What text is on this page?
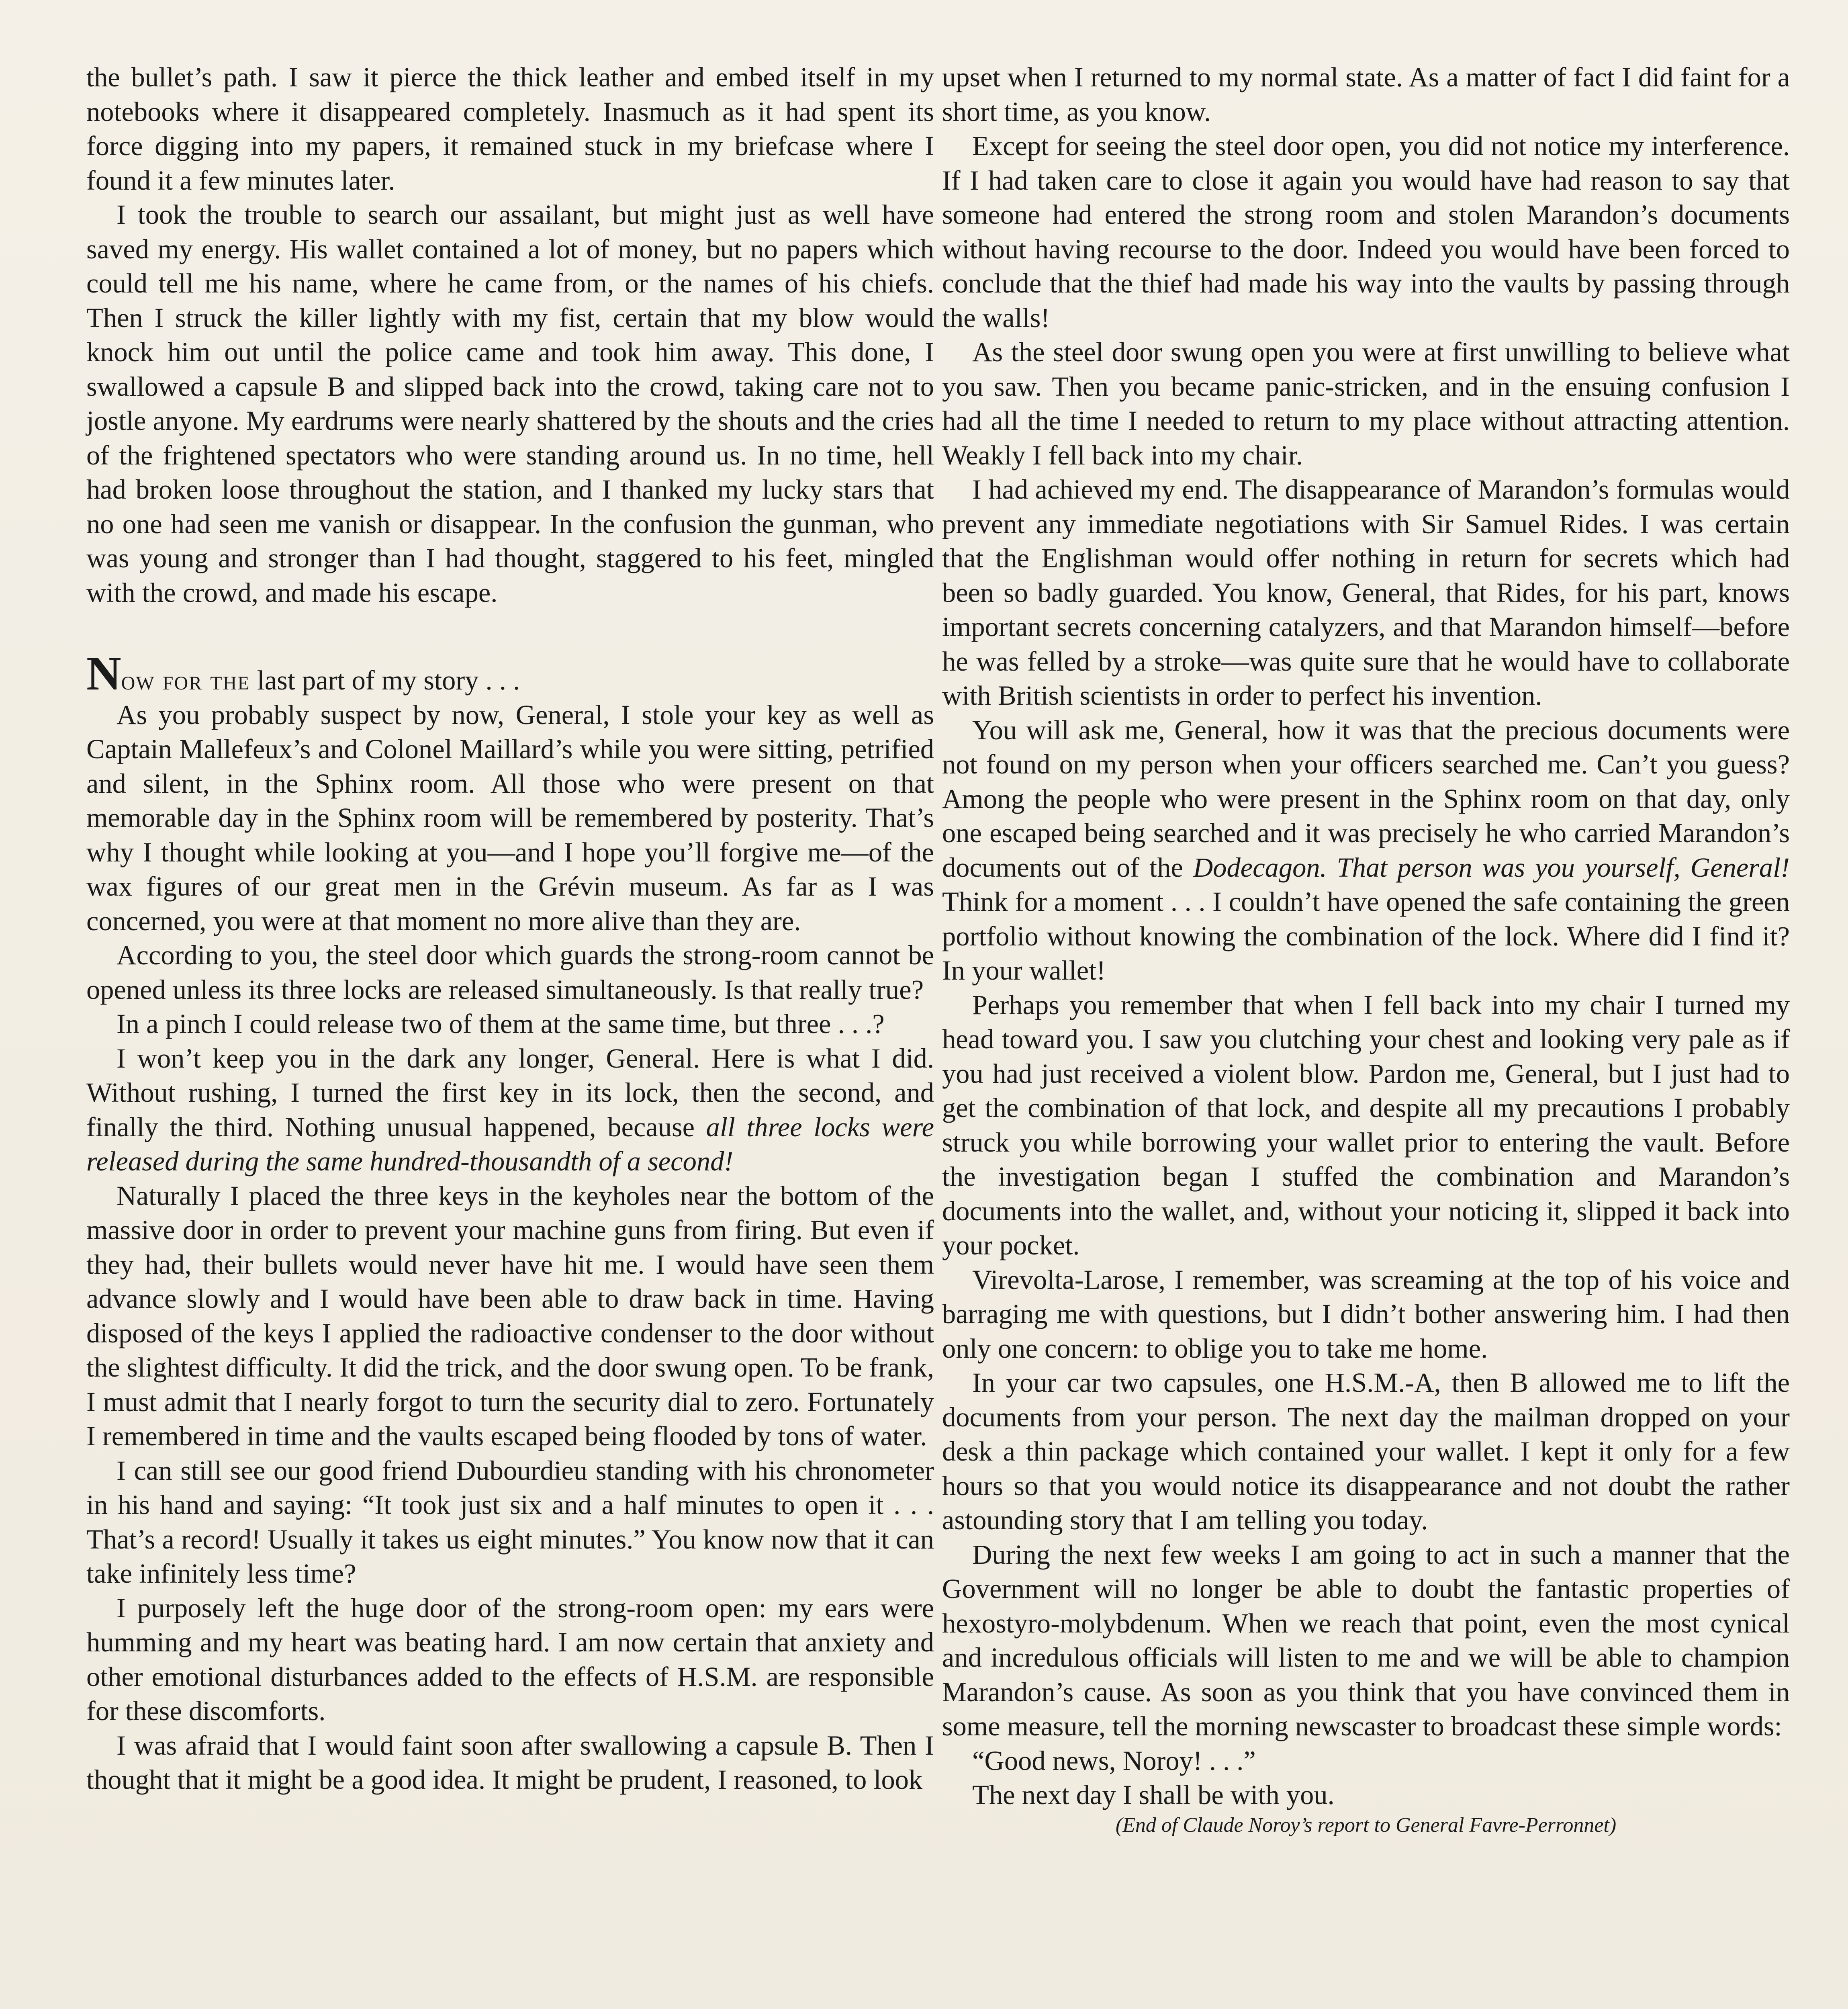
the bullet’s path. I saw it pierce the thick leather and embed itself in my notebooks where it disappeared completely. Inasmuch as it had spent its force digging into my papers, it remained stuck in my briefcase where I found it a few minutes later.

I took the trouble to search our assailant, but might just as well have saved my energy. His wallet contained a lot of money, but no papers which could tell me his name, where he came from, or the names of his chiefs. Then I struck the killer lightly with my fist, certain that my blow would knock him out until the police came and took him away. This done, I swallowed a capsule B and slipped back into the crowd, taking care not to jostle anyone. My eardrums were nearly shattered by the shouts and the cries of the frightened spectators who were standing around us. In no time, hell had broken loose throughout the station, and I thanked my lucky stars that no one had seen me vanish or disappear. In the confusion the gunman, who was young and stronger than I had thought, staggered to his feet, mingled with the crowd, and made his escape.

Now for the last part of my story . . .

As you probably suspect by now, General, I stole your key as well as Captain Mallefeux’s and Colonel Maillard’s while you were sitting, petrified and silent, in the Sphinx room. All those who were present on that memorable day in the Sphinx room will be remembered by posterity. That’s why I thought while looking at you—and I hope you’ll forgive me—of the wax figures of our great men in the Grévin museum. As far as I was concerned, you were at that moment no more alive than they are.

According to you, the steel door which guards the strong-room cannot be opened unless its three locks are released simultaneously. Is that really true?

In a pinch I could release two of them at the same time, but three . . .?

I won’t keep you in the dark any longer, General. Here is what I did. Without rushing, I turned the first key in its lock, then the second, and finally the third. Nothing unusual happened, because all three locks were released during the same hundred-thousandth of a second!

Naturally I placed the three keys in the keyholes near the bottom of the massive door in order to prevent your machine guns from firing. But even if they had, their bullets would never have hit me. I would have seen them advance slowly and I would have been able to draw back in time. Having disposed of the keys I applied the radioactive condenser to the door without the slightest difficulty. It did the trick, and the door swung open. To be frank, I must admit that I nearly forgot to turn the security dial to zero. Fortunately I remembered in time and the vaults escaped being flooded by tons of water.

I can still see our good friend Dubourdieu standing with his chronometer in his hand and saying: “It took just six and a half minutes to open it . . . That’s a record! Usually it takes us eight minutes.” You know now that it can take infinitely less time?

I purposely left the huge door of the strong-room open: my ears were humming and my heart was beating hard. I am now certain that anxiety and other emotional disturbances added to the effects of H.S.M. are responsible for these discomforts.

I was afraid that I would faint soon after swallowing a capsule B. Then I thought that it might be a good idea. It might be prudent, I reasoned, to look

upset when I returned to my normal state. As a matter of fact I did faint for a short time, as you know.

Except for seeing the steel door open, you did not notice my interference. If I had taken care to close it again you would have had reason to say that someone had entered the strong room and stolen Marandon’s documents without having recourse to the door. Indeed you would have been forced to conclude that the thief had made his way into the vaults by passing through the walls!

As the steel door swung open you were at first unwilling to believe what you saw. Then you became panic-stricken, and in the ensuing confusion I had all the time I needed to return to my place without attracting attention. Weakly I fell back into my chair.

I had achieved my end. The disappearance of Marandon’s formulas would prevent any immediate negotiations with Sir Samuel Rides. I was certain that the Englishman would offer nothing in return for secrets which had been so badly guarded. You know, General, that Rides, for his part, knows important secrets concerning catalyzers, and that Marandon himself—before he was felled by a stroke—was quite sure that he would have to collaborate with British scientists in order to perfect his invention.

You will ask me, General, how it was that the precious documents were not found on my person when your officers searched me. Can’t you guess? Among the people who were present in the Sphinx room on that day, only one escaped being searched and it was precisely he who carried Marandon’s documents out of the Dodecagon. That person was you yourself, General! Think for a moment . . . I couldn’t have opened the safe containing the green portfolio without knowing the combination of the lock. Where did I find it? In your wallet!

Perhaps you remember that when I fell back into my chair I turned my head toward you. I saw you clutching your chest and looking very pale as if you had just received a violent blow. Pardon me, General, but I just had to get the combination of that lock, and despite all my precautions I probably struck you while borrowing your wallet prior to entering the vault. Before the investigation began I stuffed the combination and Marandon’s documents into the wallet, and, without your noticing it, slipped it back into your pocket.

Virevolta-Larose, I remember, was screaming at the top of his voice and barraging me with questions, but I didn’t bother answering him. I had then only one concern: to oblige you to take me home.

In your car two capsules, one H.S.M.-A, then B allowed me to lift the documents from your person. The next day the mailman dropped on your desk a thin package which contained your wallet. I kept it only for a few hours so that you would notice its disappearance and not doubt the rather astounding story that I am telling you today.

During the next few weeks I am going to act in such a manner that the Government will no longer be able to doubt the fantastic properties of hexostyro-molybdenum. When we reach that point, even the most cynical and incredulous officials will listen to me and we will be able to champion Marandon’s cause. As soon as you think that you have convinced them in some measure, tell the morning newscaster to broadcast these simple words:

“Good news, Noroy! . . .”

The next day I shall be with you.

(End of Claude Noroy’s report to General Favre-Perronnet)
